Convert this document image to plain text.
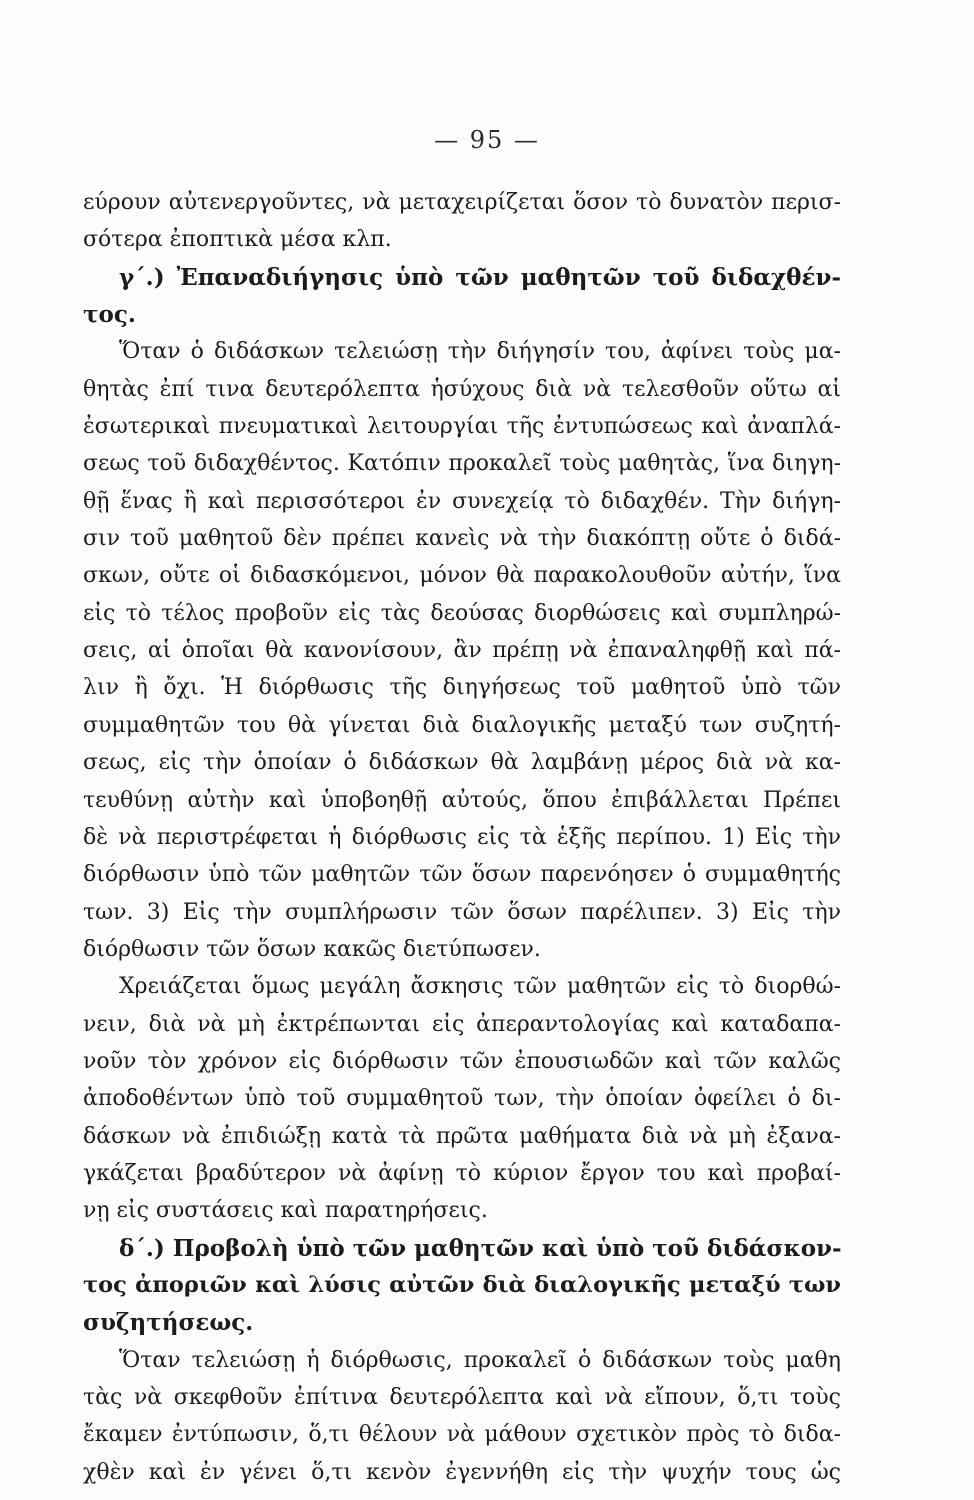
— 95 —
εύρουν αὐτενεργοῦντες, νὰ μεταχειρίζεται ὅσον τὸ δυνατὸν περισ-
σότερα ἐποπτικὰ μέσα κλπ.
γ΄.) Ἐπαναδιήγησις ὑπὸ τῶν μαθητῶν τοῦ διδαχθέν-
τος.
Ὅταν ὁ διδάσκων τελειώσῃ τὴν διήγησίν του, ἀφίνει τοὺς μα-
θητὰς ἐπί τινα δευτερόλεπτα ἡσύχους διὰ νὰ τελεσθοῦν οὕτω αἱ
ἐσωτερικαὶ πνευματικαὶ λειτουργίαι τῆς ἐντυπώσεως καὶ ἀναπλά-
σεως τοῦ διδαχθέντος. Κατόπιν προκαλεῖ τοὺς μαθητὰς, ἵνα διηγη-
θῇ ἕνας ἢ καὶ περισσότεροι ἐν συνεχείᾳ τὸ διδαχθέν. Τὴν διήγη-
σιν τοῦ μαθητοῦ δὲν πρέπει κανεὶς νὰ τὴν διακόπτῃ οὔτε ὁ διδά-
σκων, οὔτε οἱ διδασκόμενοι, μόνον θὰ παρακολουθοῦν αὐτήν, ἵνα
εἰς τὸ τέλος προβοῦν εἰς τὰς δεούσας διορθώσεις καὶ συμπληρώ-
σεις, αἱ ὁποῖαι θὰ κανονίσουν, ἂν πρέπῃ νὰ ἐπαναληφθῇ καὶ πά-
λιν ἢ ὄχι. Ἡ διόρθωσις τῆς διηγήσεως τοῦ μαθητοῦ ὑπὸ τῶν
συμμαθητῶν του θὰ γίνεται διὰ διαλογικῆς μεταξύ των συζητή-
σεως, εἰς τὴν ὁποίαν ὁ διδάσκων θὰ λαμβάνῃ μέρος διὰ νὰ κα-
τευθύνῃ αὐτὴν καὶ ὑποβοηθῇ αὐτούς, ὅπου ἐπιβάλλεται Πρέπει
δὲ νὰ περιστρέφεται ἡ διόρθωσις εἰς τὰ ἑξῆς περίπου. 1) Εἰς τὴν
διόρθωσιν ὑπὸ τῶν μαθητῶν τῶν ὅσων παρενόησεν ὁ συμμαθητής
των. 3) Εἰς τὴν συμπλήρωσιν τῶν ὅσων παρέλιπεν. 3) Εἰς τὴν
διόρθωσιν τῶν ὅσων κακῶς διετύπωσεν.
Χρειάζεται ὅμως μεγάλη ἄσκησις τῶν μαθητῶν εἰς τὸ διορθώ-
νειν, διὰ νὰ μὴ ἐκτρέπωνται εἰς ἀπεραντολογίας καὶ καταδαπα-
νοῦν τὸν χρόνον εἰς διόρθωσιν τῶν ἐπουσιωδῶν καὶ τῶν καλῶς
ἀποδοθέντων ὑπὸ τοῦ συμμαθητοῦ των, τὴν ὁποίαν ὀφείλει ὁ δι-
δάσκων νὰ ἐπιδιώξῃ κατὰ τὰ πρῶτα μαθήματα διὰ νὰ μὴ ἐξανα-
γκάζεται βραδύτερον νὰ ἀφίνῃ τὸ κύριον ἔργον του καὶ προβαί-
νῃ εἰς συστάσεις καὶ παρατηρήσεις.
δ΄.) Προβολὴ ὑπὸ τῶν μαθητῶν καὶ ὑπὸ τοῦ διδάσκον-
τος ἀποριῶν καὶ λύσις αὐτῶν διὰ διαλογικῆς μεταξύ των
συζητήσεως.
Ὅταν τελειώσῃ ἡ διόρθωσις, προκαλεῖ ὁ διδάσκων τοὺς μαθη
τὰς νὰ σκεφθοῦν ἐπίτινα δευτερόλεπτα καὶ νὰ εἴπουν, ὅ,τι τοὺς
ἔκαμεν ἐντύπωσιν, ὅ,τι θέλουν νὰ μάθουν σχετικὸν πρὸς τὸ διδα-
χθὲν καὶ ἐν γένει ὅ,τι κενὸν ἐγεννήθη εἰς τὴν ψυχήν τους ὡς
